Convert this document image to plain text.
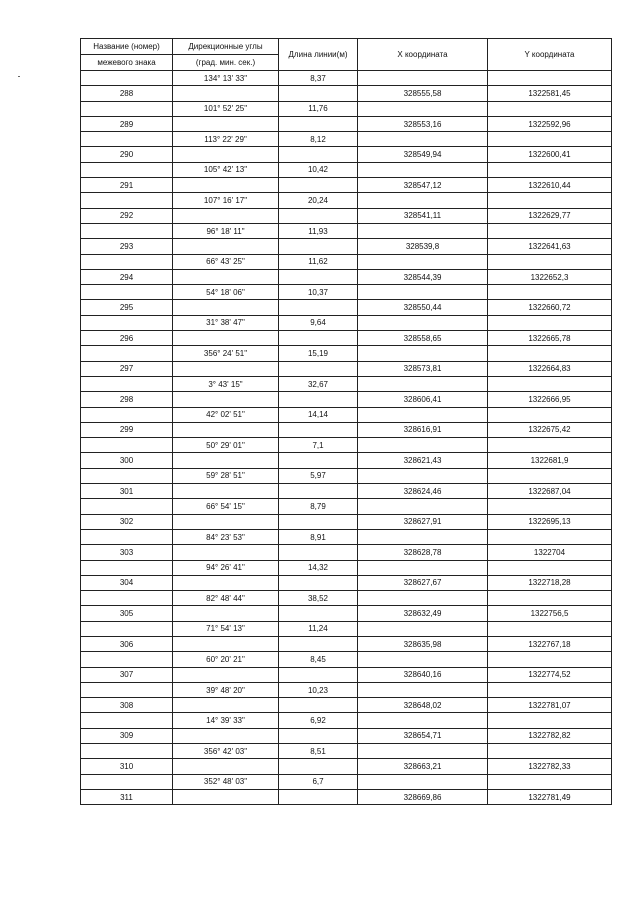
Название (номер)	Дирекционные углы	Длина линии(м)	X координата	Y координата
межевого знака	(град. мин. сек.)			
	134° 13' 33"	8,37		
288			328555,58	1322581,45
	101° 52' 25"	11,76		
289			328553,16	1322592,96
	113° 22' 29"	8,12		
290			328549,94	1322600,41
	105° 42' 13"	10,42		
291			328547,12	1322610,44
	107° 16' 17"	20,24		
292			328541,11	1322629,77
	96° 18' 11"	11,93		
293			328539,8	1322641,63
	66° 43' 25"	11,62		
294			328544,39	1322652,3
	54° 18' 06"	10,37		
295			328550,44	1322660,72
	31° 38' 47"	9,64		
296			328558,65	1322665,78
	356° 24' 51"	15,19		
297			328573,81	1322664,83
	3° 43' 15"	32,67		
298			328606,41	1322666,95
	42° 02' 51"	14,14		
299			328616,91	1322675,42
	50° 29' 01"	7,1		
300			328621,43	1322681,9
	59° 28' 51"	5,97		
301			328624,46	1322687,04
	66° 54' 15"	8,79		
302			328627,91	1322695,13
	84° 23' 53"	8,91		
303			328628,78	1322704
	94° 26' 41"	14,32		
304			328627,67	1322718,28
	82° 48' 44"	38,52		
305			328632,49	1322756,5
	71° 54' 13"	11,24		
306			328635,98	1322767,18
	60° 20' 21"	8,45		
307			328640,16	1322774,52
	39° 48' 20"	10,23		
308			328648,02	1322781,07
	14° 39' 33"	6,92		
309			328654,71	1322782,82
	356° 42' 03"	8,51		
310			328663,21	1322782,33
	352° 48' 03"	6,7		
311			328669,86	1322781,49
